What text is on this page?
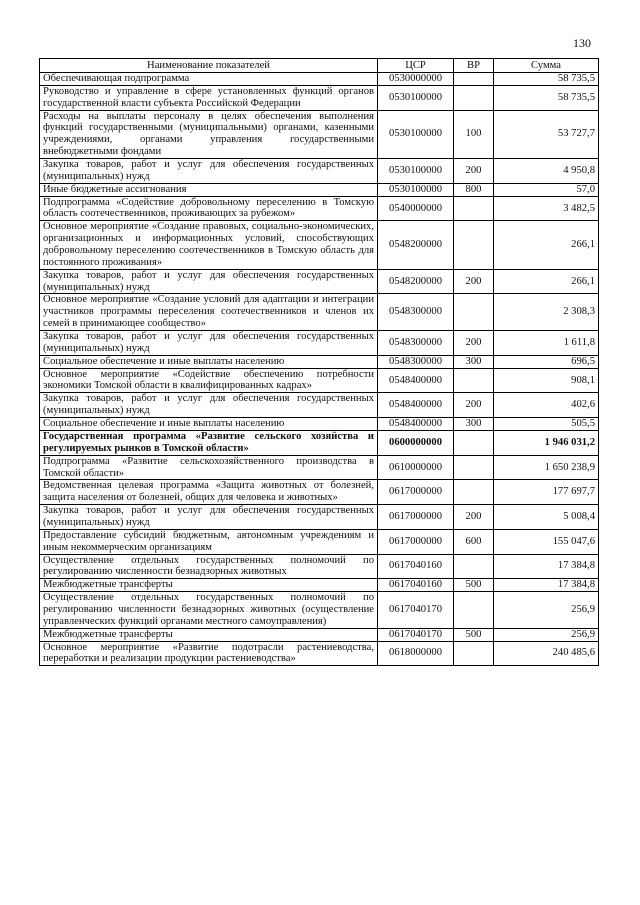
130
Наименование показателей	ЦСР	ВР	Сумма
Обеспечивающая подпрограмма	0530000000		58 735,5
Руководство и управление в сфере установленных функций органов государственной власти субъекта Российской Федерации	0530100000		58 735,5
Расходы на выплаты персоналу в целях обеспечения выполнения функций государственными (муниципальными) органами, казенными учреждениями, органами управления государственными внебюджетными фондами	0530100000	100	53 727,7
Закупка товаров, работ и услуг для обеспечения государственных (муниципальных) нужд	0530100000	200	4 950,8
Иные бюджетные ассигнования	0530100000	800	57,0
Подпрограмма «Содействие добровольному переселению в Томскую область соотечественников, проживающих за рубежом»	0540000000		3 482,5
Основное мероприятие «Создание правовых, социально-экономических, организационных и информационных условий, способствующих добровольному переселению соотечественников в Томскую область для постоянного проживания»	0548200000		266,1
Закупка товаров, работ и услуг для обеспечения государственных (муниципальных) нужд	0548200000	200	266,1
Основное мероприятие «Создание условий для адаптации и интеграции участников программы переселения соотечественников и членов их семей в принимающее сообщество»	0548300000		2 308,3
Закупка товаров, работ и услуг для обеспечения государственных (муниципальных) нужд	0548300000	200	1 611,8
Социальное обеспечение и иные выплаты населению	0548300000	300	696,5
Основное мероприятие «Содействие обеспечению потребности экономики Томской области в квалифицированных кадрах»	0548400000		908,1
Закупка товаров, работ и услуг для обеспечения государственных (муниципальных) нужд	0548400000	200	402,6
Социальное обеспечение и иные выплаты населению	0548400000	300	505,5
Государственная программа «Развитие сельского хозяйства и регулируемых рынков в Томской области»	0600000000		1 946 031,2
Подпрограмма «Развитие сельскохозяйственного производства в Томской области»	0610000000		1 650 238,9
Ведомственная целевая программа «Защита животных от болезней, защита населения от болезней, общих для человека и животных»	0617000000		177 697,7
Закупка товаров, работ и услуг для обеспечения государственных (муниципальных) нужд	0617000000	200	5 008,4
Предоставление субсидий бюджетным, автономным учреждениям и иным некоммерческим организациям	0617000000	600	155 047,6
Осуществление отдельных государственных полномочий по регулированию численности безнадзорных животных	0617040160		17 384,8
Межбюджетные трансферты	0617040160	500	17 384,8
Осуществление отдельных государственных полномочий по регулированию численности безнадзорных животных (осуществление управленческих функций органами местного самоуправления)	0617040170		256,9
Межбюджетные трансферты	0617040170	500	256,9
Основное мероприятие «Развитие подотрасли растениеводства, переработки и реализации продукции растениеводства»	0618000000		240 485,6
